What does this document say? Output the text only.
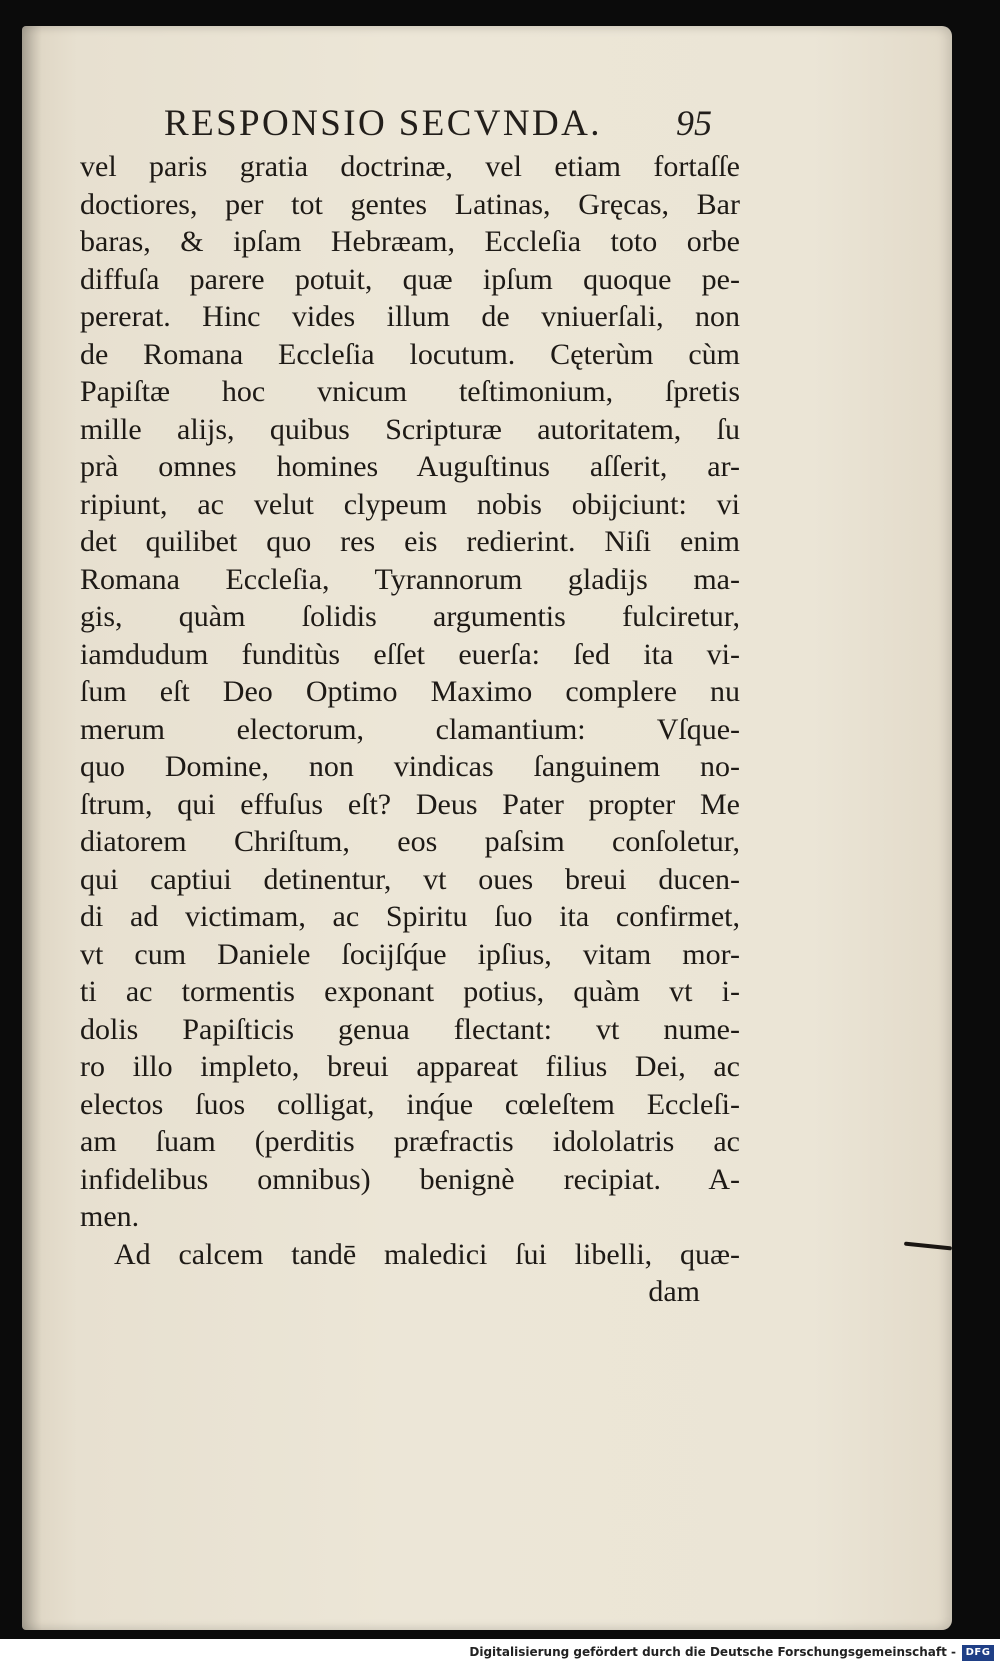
RESPONSIO SECVNDA. 95
vel paris gratia doctrinæ, vel etiam fortaſſe
doctiores, per tot gentes Latinas, Gręcas, Bar
baras, & ipſam Hebræam, Eccleſia toto orbe
diffuſa parere potuit, quæ ipſum quoque pe-
pererat. Hinc vides illum de vniuerſali, non
de Romana Eccleſia locutum. Cęterùm cùm
Papiſtæ hoc vnicum teſtimonium, ſpretis
mille alijs, quibus Scripturæ autoritatem, ſu
prà omnes homines Auguſtinus aſſerit, ar-
ripiunt, ac velut clypeum nobis obijciunt: vi
det quilibet quo res eis redierint. Niſi enim
Romana Eccleſia, Tyrannorum gladijs ma-
gis, quàm ſolidis argumentis fulciretur,
iamdudum funditùs eſſet euerſa: ſed ita vi-
ſum eſt Deo Optimo Maximo complere nu
merum electorum, clamantium: Vſque-
quo Domine, non vindicas ſanguinem no-
ſtrum, qui effuſus eſt? Deus Pater propter Me
diatorem Chriſtum, eos paſsim conſoletur,
qui captiui detinentur, vt oues breui ducen-
di ad victimam, ac Spiritu ſuo ita confirmet,
vt cum Daniele ſocijſq́ue ipſius, vitam mor-
ti ac tormentis exponant potius, quàm vt i-
dolis Papiſticis genua flectant: vt nume-
ro illo impleto, breui appareat filius Dei, ac
electos ſuos colligat, inq́ue cœleſtem Eccleſi-
am ſuam (perditis præfractis idololatris ac
infidelibus omnibus) benignè recipiat. A-
men.
Ad calcem tandē maledici ſui libelli, quæ-
dam
Digitalisierung gefördert durch die Deutsche Forschungsgemeinschaft - DFG
